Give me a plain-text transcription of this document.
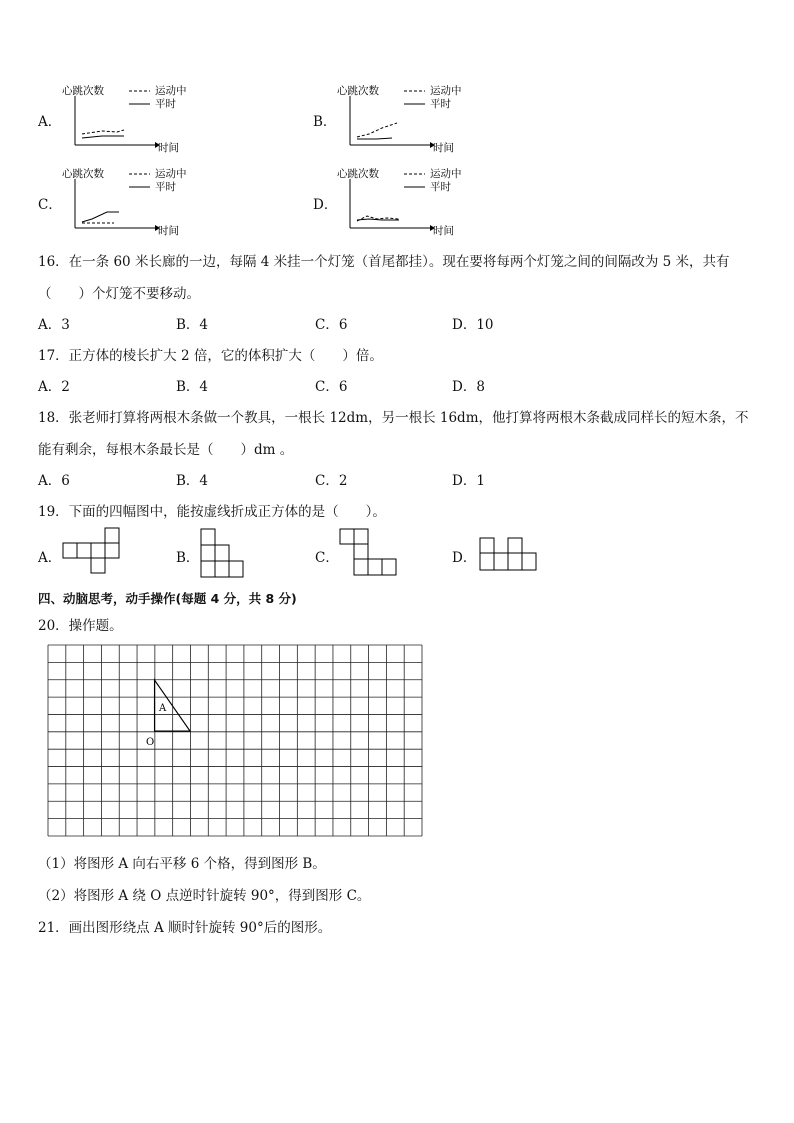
A．
心跳次数	运动中
平时
时间
B．
心跳次数	运动中
平时
时间
C．
心跳次数	运动中
平时
时间
D．
心跳次数	运动中
平时
时间
16．在一条 60 米长廊的一边，每隔 4 米挂一个灯笼（首尾都挂）。现在要将每两个灯笼之间的间隔改为 5 米，共有
（　　）个灯笼不要移动。
A．3	B．4	C．6	D．10
17．正方体的棱长扩大 2 倍，它的体积扩大（　　）倍。
A．2	B．4	C．6	D．8
18．张老师打算将两根木条做一个教具，一根长 12dm，另一根长 16dm，他打算将两根木条截成同样长的短木条，不
能有剩余，每根木条最长是（　　）dm 。
A．6	B．4	C．2	D．1
19．下面的四幅图中，能按虚线折成正方体的是（　　）。
A．	B．	C．	D．
四、动脑思考，动手操作(每题 4 分，共 8 分)
20．操作题。
A
O
（1）将图形 A 向右平移 6 个格，得到图形 B。
（2）将图形 A 绕 O 点逆时针旋转 90°，得到图形 C。
21．画出图形绕点 A 顺时针旋转 90°后的图形。
